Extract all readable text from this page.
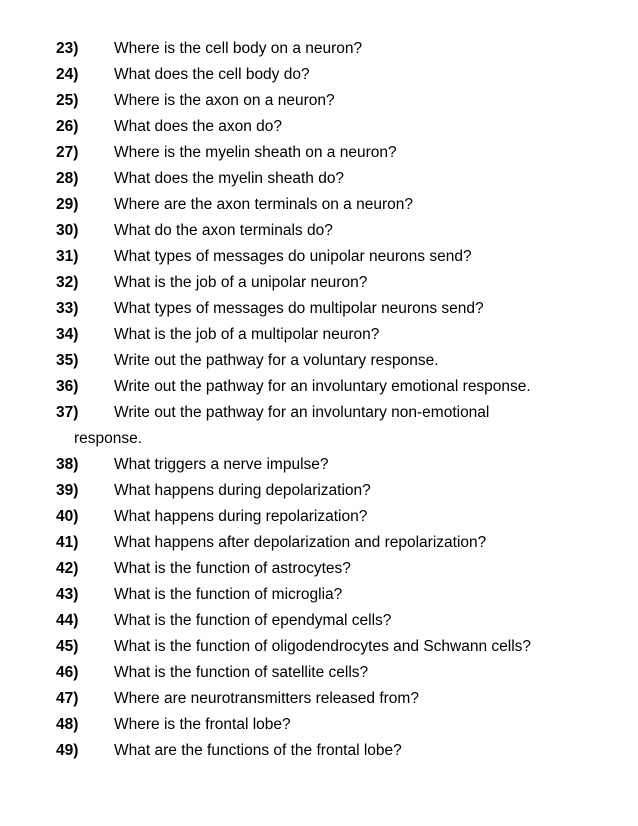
23) Where is the cell body on a neuron?
24) What does the cell body do?
25) Where is the axon on a neuron?
26) What does the axon do?
27) Where is the myelin sheath on a neuron?
28) What does the myelin sheath do?
29) Where are the axon terminals on a neuron?
30) What do the axon terminals do?
31) What types of messages do unipolar neurons send?
32) What is the job of a unipolar neuron?
33) What types of messages do multipolar neurons send?
34) What is the job of a multipolar neuron?
35) Write out the pathway for a voluntary response.
36) Write out the pathway for an involuntary emotional response.
37) Write out the pathway for an involuntary non-emotional
response.
38) What triggers a nerve impulse?
39) What happens during depolarization?
40) What happens during repolarization?
41) What happens after depolarization and repolarization?
42) What is the function of astrocytes?
43) What is the function of microglia?
44) What is the function of ependymal cells?
45) What is the function of oligodendrocytes and Schwann cells?
46) What is the function of satellite cells?
47) Where are neurotransmitters released from?
48) Where is the frontal lobe?
49) What are the functions of the frontal lobe?
